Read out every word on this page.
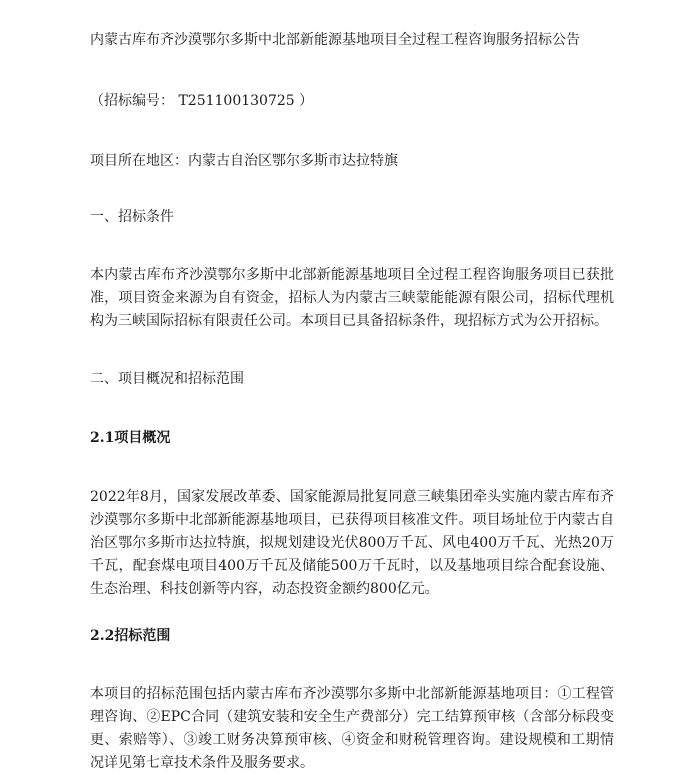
内蒙古库布齐沙漠鄂尔多斯中北部新能源基地项目全过程工程咨询服务招标公告
（招标编号： T251100130725 ）
项目所在地区：内蒙古自治区鄂尔多斯市达拉特旗
一、招标条件
本内蒙古库布齐沙漠鄂尔多斯中北部新能源基地项目全过程工程咨询服务项目已获批准，项目资金来源为自有资金，招标人为内蒙古三峡蒙能能源有限公司，招标代理机构为三峡国际招标有限责任公司。本项目已具备招标条件，现招标方式为公开招标。
二、项目概况和招标范围
2.1项目概况
2022年8月，国家发展改革委、国家能源局批复同意三峡集团牵头实施内蒙古库布齐沙漠鄂尔多斯中北部新能源基地项目，已获得项目核准文件。项目场址位于内蒙古自治区鄂尔多斯市达拉特旗，拟规划建设光伏800万千瓦、风电400万千瓦、光热20万千瓦，配套煤电项目400万千瓦及储能500万千瓦时，以及基地项目综合配套设施、生态治理、科技创新等内容，动态投资金额约800亿元。
2.2招标范围
本项目的招标范围包括内蒙古库布齐沙漠鄂尔多斯中北部新能源基地项目：①工程管理咨询、②EPC合同（建筑安装和安全生产费部分）完工结算预审核（含部分标段变更、索赔等）、③竣工财务决算预审核、④资金和财税管理咨询。建设规模和工期情况详见第七章技术条件及服务要求。
